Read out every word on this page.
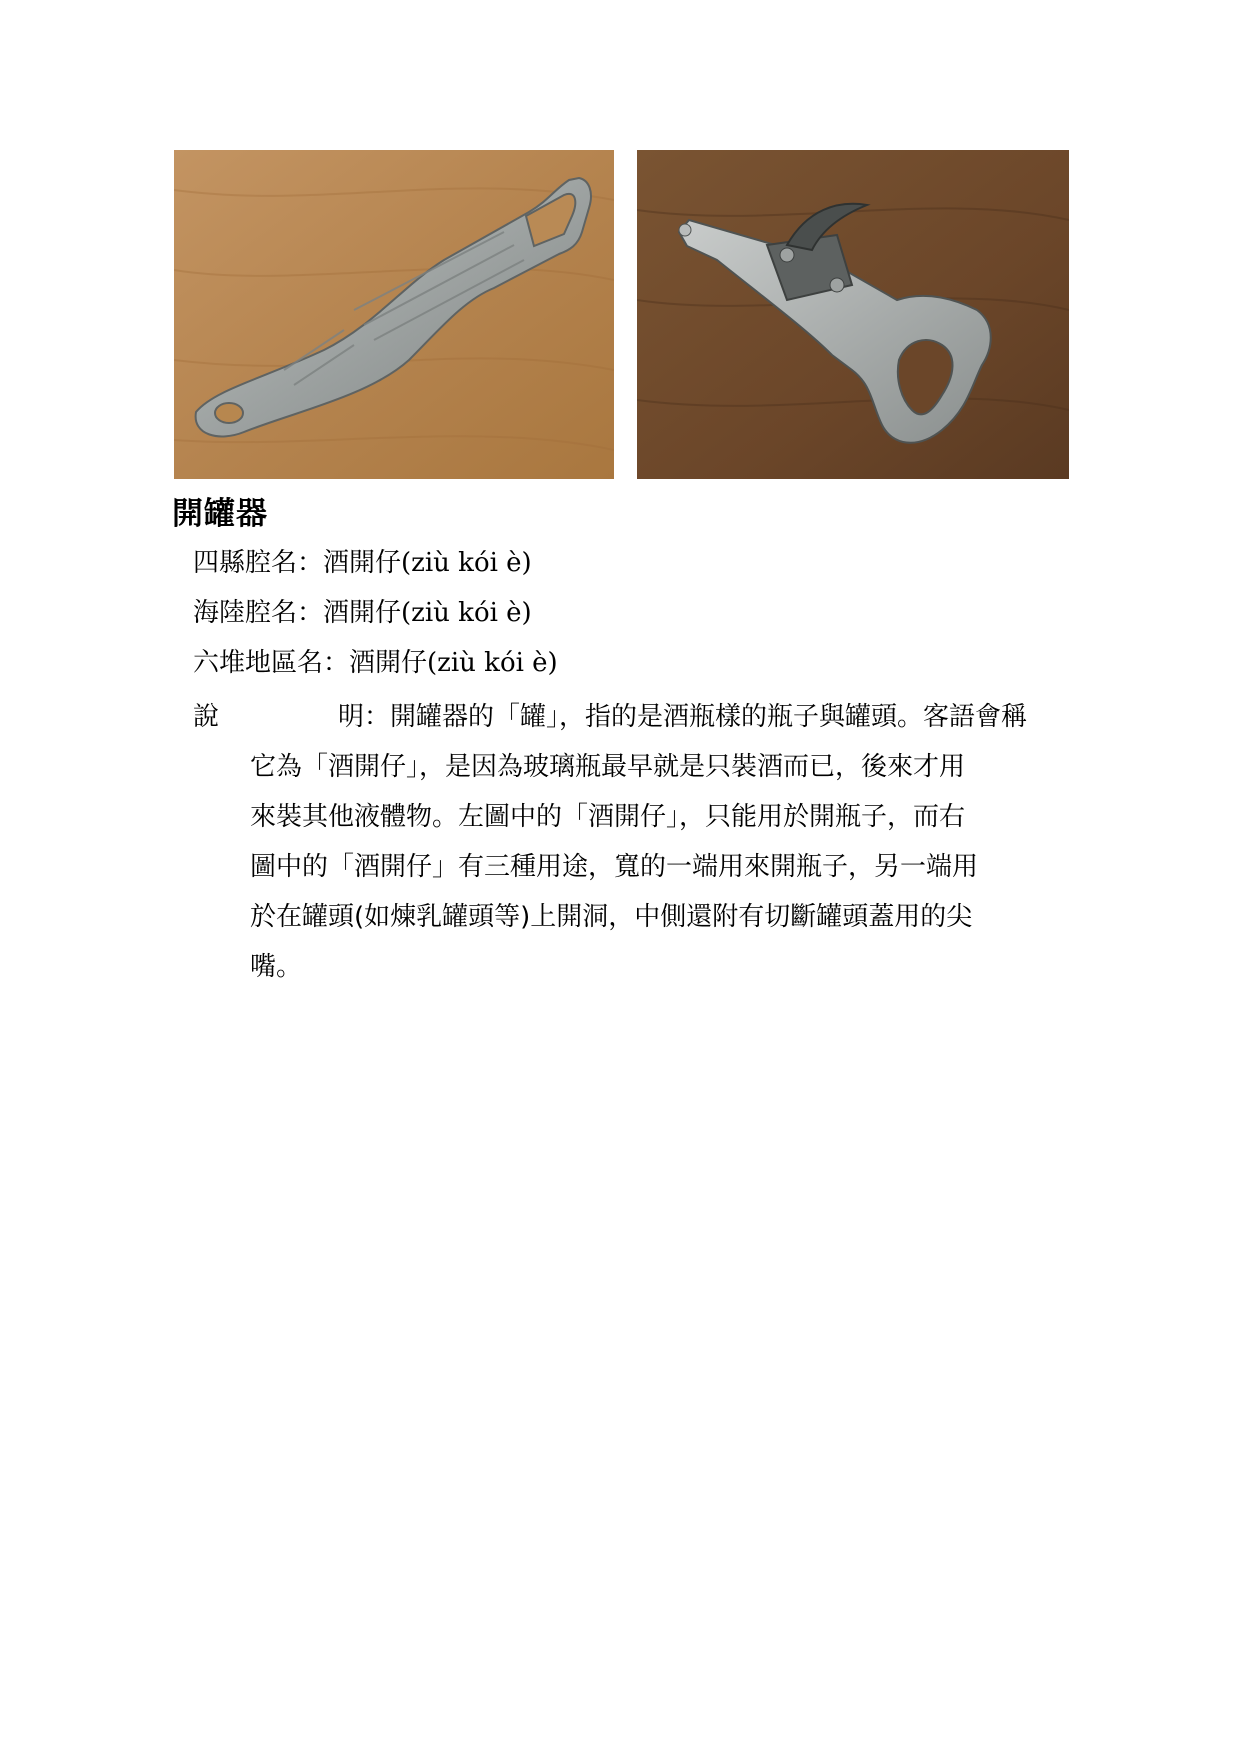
開罐器
四縣腔名：酒開仔(ziù kói è)
海陸腔名：酒開仔(ziù kói è)
六堆地區名：酒開仔(ziù kói è)
說	明：開罐器的「罐」，指的是酒瓶樣的瓶子與罐頭。客語會稱
它為「酒開仔」，是因為玻璃瓶最早就是只裝酒而已，後來才用
來裝其他液體物。左圖中的「酒開仔」，只能用於開瓶子，而右
圖中的「酒開仔」有三種用途，寬的一端用來開瓶子，另一端用
於在罐頭(如煉乳罐頭等)上開洞，中側還附有切斷罐頭蓋用的尖
嘴。
